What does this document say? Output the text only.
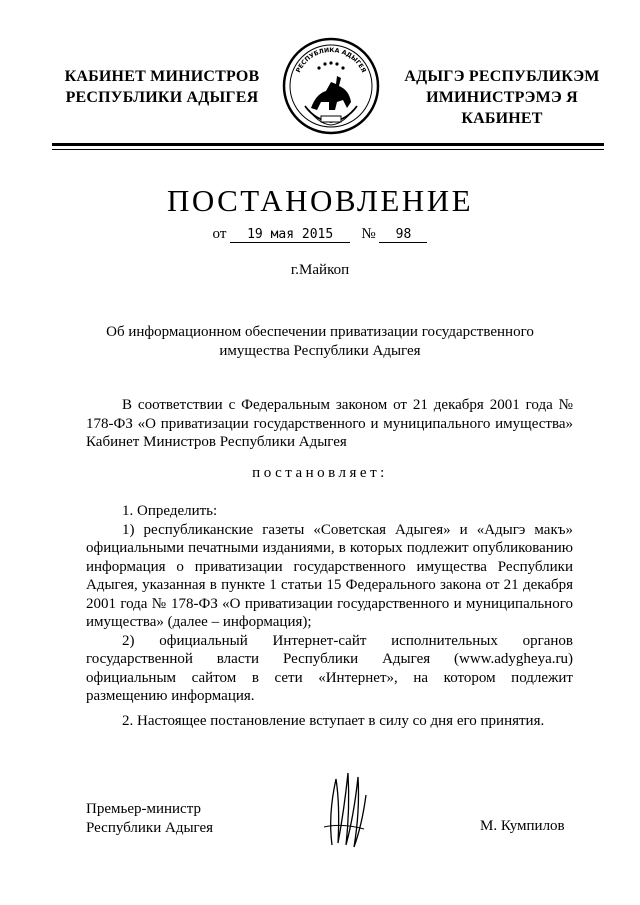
КАБИНЕТ МИНИСТРОВ
РЕСПУБЛИКИ АДЫГЕЯ
РЕСПУБЛИКА АДЫГЕЯ	АДЫГЭ РЕСПУБЛИКЭМ
ИМИНИСТРЭМЭ Я КАБИНЕТ
ПОСТАНОВЛЕНИЕ
от 19 мая 2015 № 98
г.Майкоп
Об информационном обеспечении приватизации государственного имущества Республики Адыгея

В соответствии с Федеральным законом от 21 декабря 2001 года № 178-ФЗ «О приватизации государственного и муниципального имущества» Кабинет Министров Республики Адыгея

постановляет:

1. Определить:

1) республиканские газеты «Советская Адыгея» и «Адыгэ макъ» официальными печатными изданиями, в которых подлежит опубликованию информация о приватизации государственного имущества Республики Адыгея, указанная в пункте 1 статьи 15 Федерального закона от 21 декабря 2001 года № 178-ФЗ «О приватизации государственного и муниципального имущества» (далее – информация);

2) официальный Интернет-сайт исполнительных органов государственной власти Республики Адыгея (www.adygheya.ru) официальным сайтом в сети «Интернет», на котором подлежит размещению информация.

2. Настоящее постановление вступает в силу со дня его принятия.

Премьер-министр
Республики Адыгея	М. Кумпилов
